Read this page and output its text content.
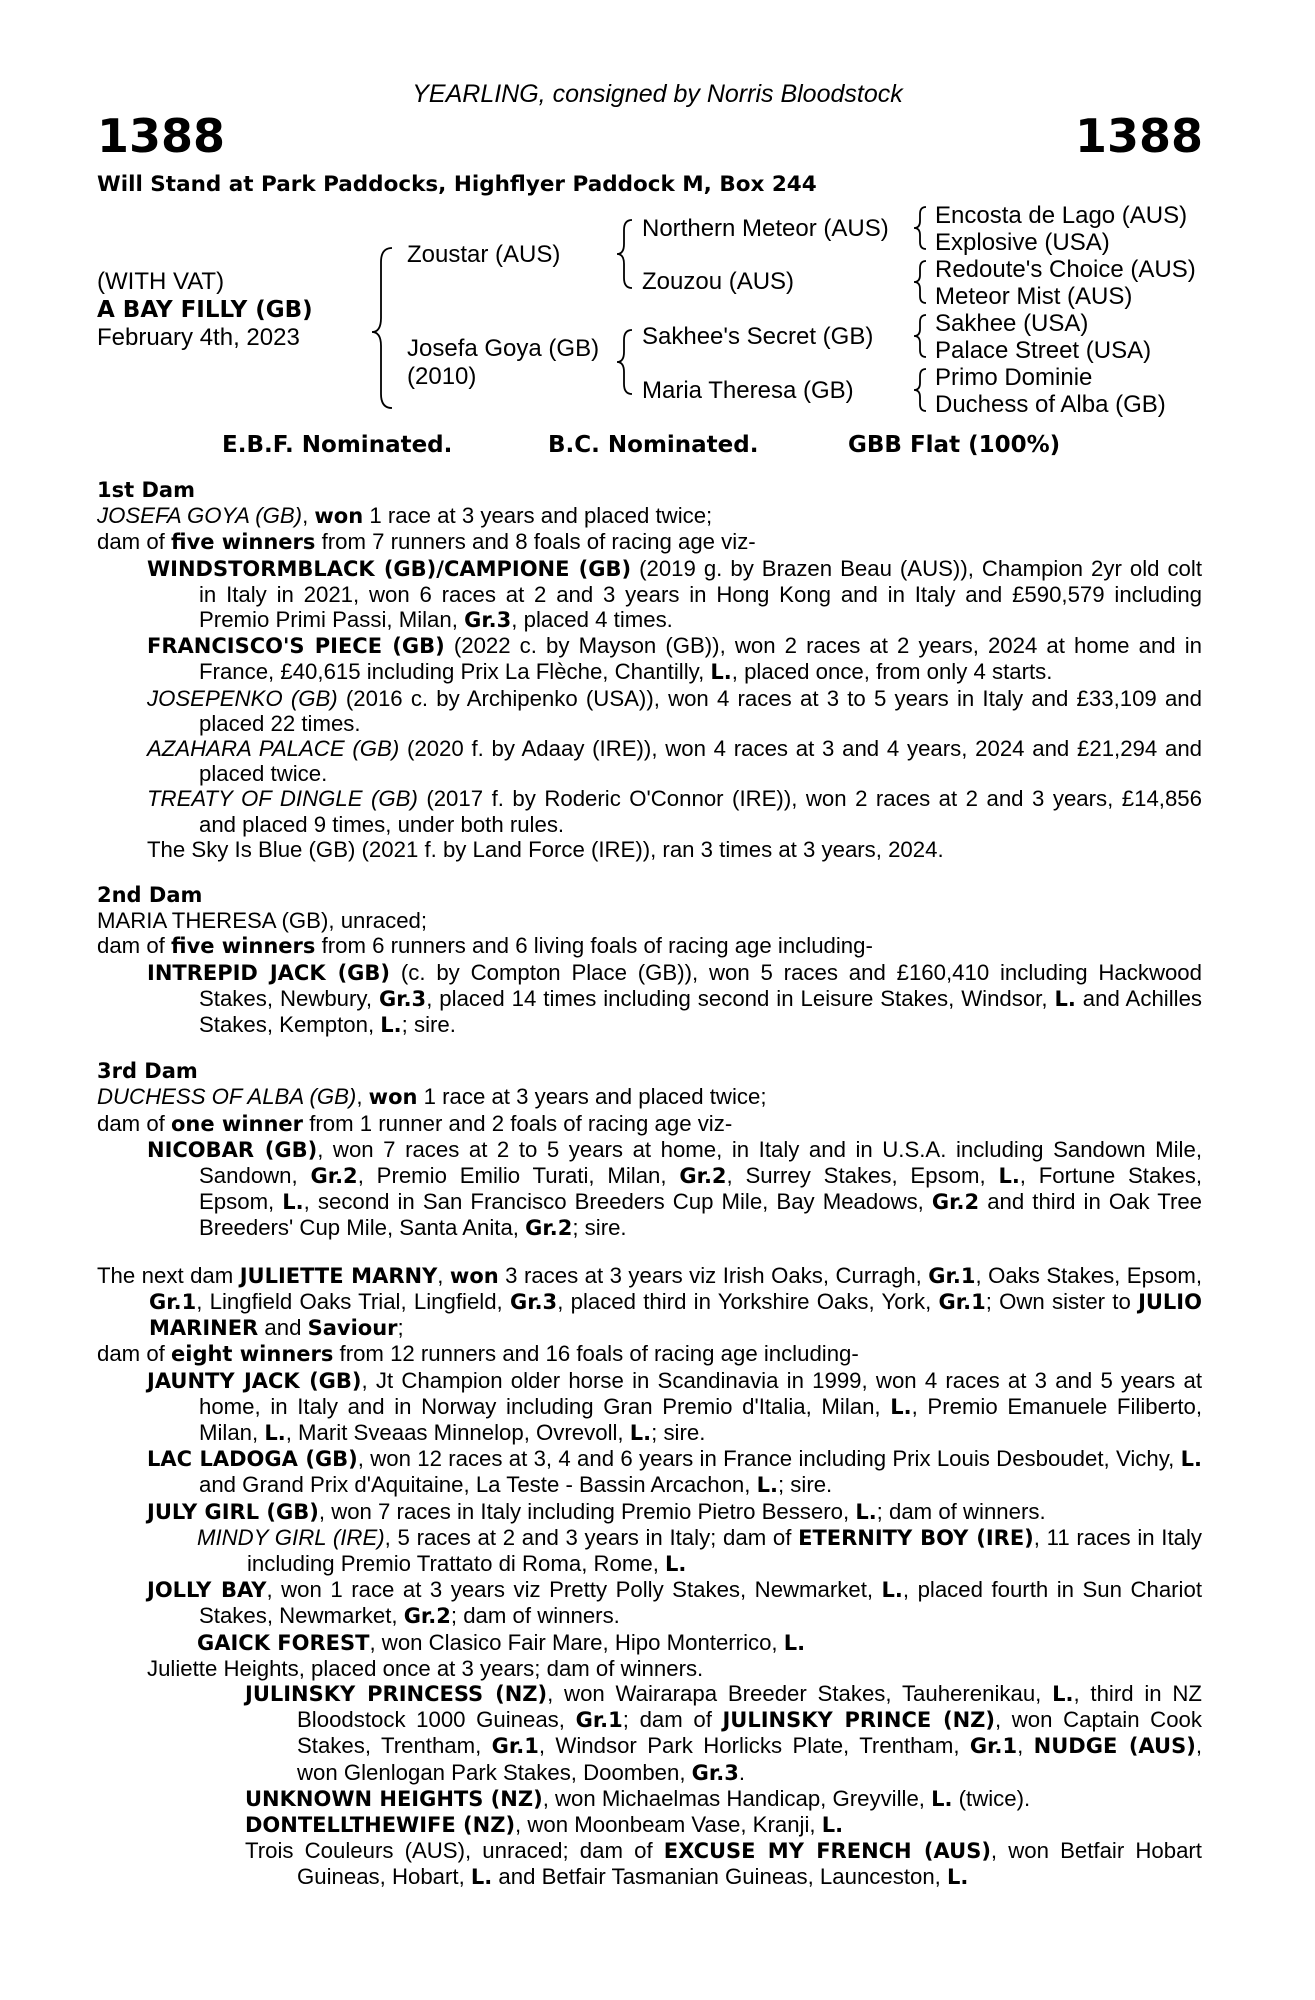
YEARLING, consigned by Norris Bloodstock
1388	1388
Will Stand at Park Paddocks, Highflyer Paddock M, Box 244
(WITH VAT)
A BAY FILLY (GB)
February 4th, 2023
Zoustar (AUS)
Josefa Goya (GB)
(2010)
Northern Meteor (AUS)
Zouzou (AUS)
Sakhee's Secret (GB)
Maria Theresa (GB)
Encosta de Lago (AUS)
Explosive (USA)
Redoute's Choice (AUS)
Meteor Mist (AUS)
Sakhee (USA)
Palace Street (USA)
Primo Dominie
Duchess of Alba (GB)
E.B.F. Nominated.	B.C. Nominated.	GBB Flat (100%)
1st Dam

JOSEFA GOYA (GB), won 1 race at 3 years and placed twice;

dam of five winners from 7 runners and 8 foals of racing age viz-

WINDSTORMBLACK (GB)/CAMPIONE (GB) (2019 g. by Brazen Beau (AUS)), Champion 2yr old colt in Italy in 2021, won 6 races at 2 and 3 years in Hong Kong and in Italy and £590,579 including Premio Primi Passi, Milan, Gr.3, placed 4 times.

FRANCISCO'S PIECE (GB) (2022 c. by Mayson (GB)), won 2 races at 2 years, 2024 at home and in France, £40,615 including Prix La Flèche, Chantilly, L., placed once, from only 4 starts.

JOSEPENKO (GB) (2016 c. by Archipenko (USA)), won 4 races at 3 to 5 years in Italy and £33,109 and placed 22 times.

AZAHARA PALACE (GB) (2020 f. by Adaay (IRE)), won 4 races at 3 and 4 years, 2024 and £21,294 and placed twice.

TREATY OF DINGLE (GB) (2017 f. by Roderic O'Connor (IRE)), won 2 races at 2 and 3 years, £14,856 and placed 9 times, under both rules.

The Sky Is Blue (GB) (2021 f. by Land Force (IRE)), ran 3 times at 3 years, 2024.

2nd Dam

MARIA THERESA (GB), unraced;

dam of five winners from 6 runners and 6 living foals of racing age including-

INTREPID JACK (GB) (c. by Compton Place (GB)), won 5 races and £160,410 including Hackwood Stakes, Newbury, Gr.3, placed 14 times including second in Leisure Stakes, Windsor, L. and Achilles Stakes, Kempton, L.; sire.

3rd Dam

DUCHESS OF ALBA (GB), won 1 race at 3 years and placed twice;

dam of one winner from 1 runner and 2 foals of racing age viz-

NICOBAR (GB), won 7 races at 2 to 5 years at home, in Italy and in U.S.A. including Sandown Mile, Sandown, Gr.2, Premio Emilio Turati, Milan, Gr.2, Surrey Stakes, Epsom, L., Fortune Stakes, Epsom, L., second in San Francisco Breeders Cup Mile, Bay Meadows, Gr.2 and third in Oak Tree Breeders' Cup Mile, Santa Anita, Gr.2; sire.

The next dam JULIETTE MARNY, won 3 races at 3 years viz Irish Oaks, Curragh, Gr.1, Oaks Stakes, Epsom, Gr.1, Lingfield Oaks Trial, Lingfield, Gr.3, placed third in Yorkshire Oaks, York, Gr.1; Own sister to JULIO MARINER and Saviour;

dam of eight winners from 12 runners and 16 foals of racing age including-

JAUNTY JACK (GB), Jt Champion older horse in Scandinavia in 1999, won 4 races at 3 and 5 years at home, in Italy and in Norway including Gran Premio d'Italia, Milan, L., Premio Emanuele Filiberto, Milan, L., Marit Sveaas Minnelop, Ovrevoll, L.; sire.

LAC LADOGA (GB), won 12 races at 3, 4 and 6 years in France including Prix Louis Desboudet, Vichy, L. and Grand Prix d'Aquitaine, La Teste - Bassin Arcachon, L.; sire.

JULY GIRL (GB), won 7 races in Italy including Premio Pietro Bessero, L.; dam of winners.

MINDY GIRL (IRE), 5 races at 2 and 3 years in Italy; dam of ETERNITY BOY (IRE), 11 races in Italy including Premio Trattato di Roma, Rome, L.

JOLLY BAY, won 1 race at 3 years viz Pretty Polly Stakes, Newmarket, L., placed fourth in Sun Chariot Stakes, Newmarket, Gr.2; dam of winners.

GAICK FOREST, won Clasico Fair Mare, Hipo Monterrico, L.

Juliette Heights, placed once at 3 years; dam of winners.

JULINSKY PRINCESS (NZ), won Wairarapa Breeder Stakes, Tauherenikau, L., third in NZ Bloodstock 1000 Guineas, Gr.1; dam of JULINSKY PRINCE (NZ), won Captain Cook Stakes, Trentham, Gr.1, Windsor Park Horlicks Plate, Trentham, Gr.1, NUDGE (AUS), won Glenlogan Park Stakes, Doomben, Gr.3.

UNKNOWN HEIGHTS (NZ), won Michaelmas Handicap, Greyville, L. (twice).

DONTELLTHEWIFE (NZ), won Moonbeam Vase, Kranji, L.

Trois Couleurs (AUS), unraced; dam of EXCUSE MY FRENCH (AUS), won Betfair Hobart Guineas, Hobart, L. and Betfair Tasmanian Guineas, Launceston, L.
